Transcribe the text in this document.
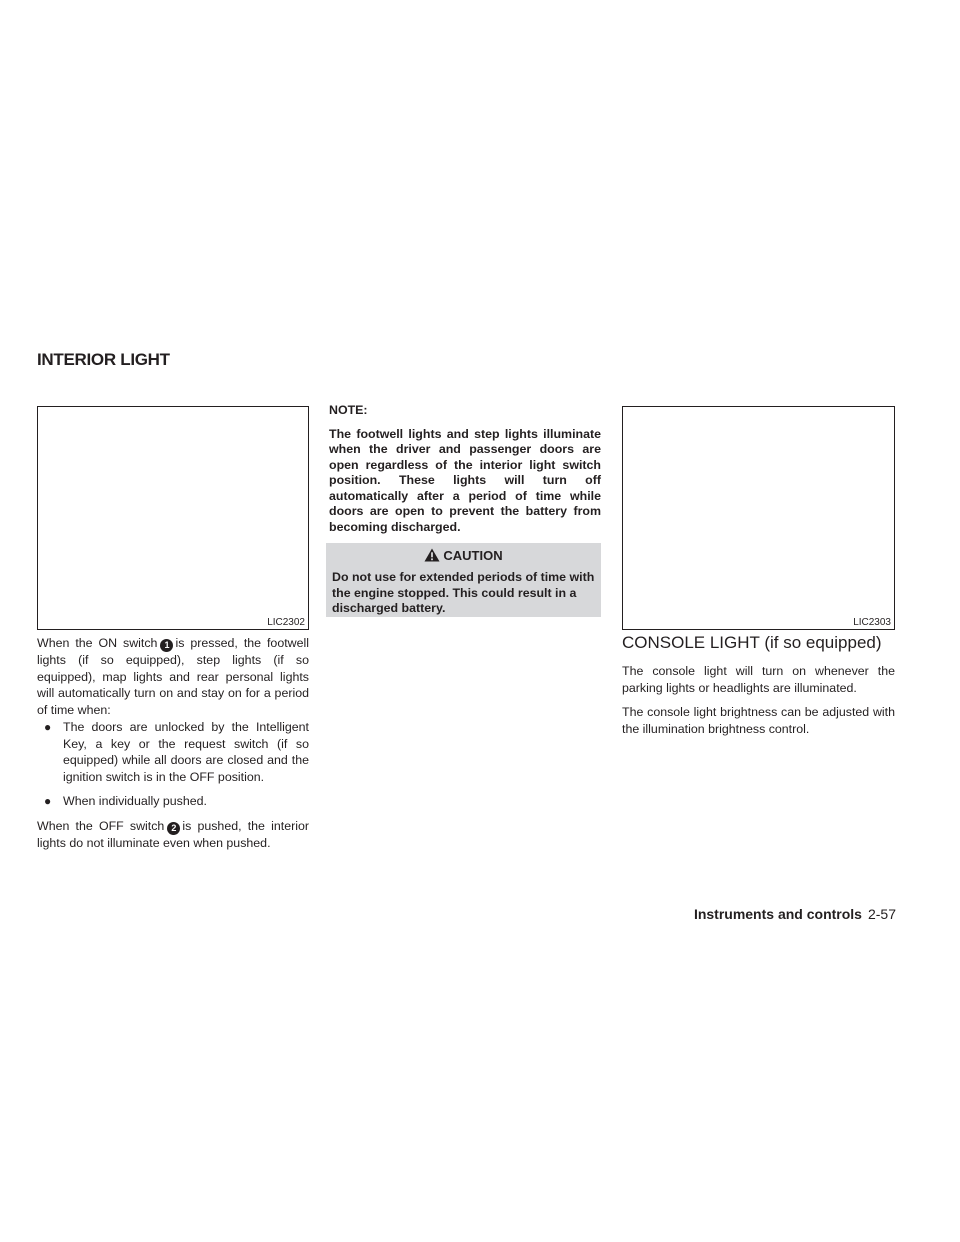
INTERIOR LIGHT
LIC2302

When the ON switch 1 is pressed, the footwell lights (if so equipped), step lights (if so equipped), map lights and rear personal lights will automatically turn on and stay on for a period of time when:

● The doors are unlocked by the Intelligent Key, a key or the request switch (if so equipped) while all doors are closed and the ignition switch is in the OFF position.
● When individually pushed.

When the OFF switch 2 is pushed, the interior lights do not illuminate even when pushed.

NOTE:

The footwell lights and step lights illuminate when the driver and passenger doors are open regardless of the interior light switch position. These lights will turn off automatically after a period of time while doors are open to prevent the battery from becoming discharged.

CAUTION
Do not use for extended periods of time with the engine stopped. This could result in a discharged battery.
LIC2303
CONSOLE LIGHT (if so equipped)

The console light will turn on whenever the parking lights or headlights are illuminated.

The console light brightness can be adjusted with the illumination brightness control.

Instruments and controls 2-57
